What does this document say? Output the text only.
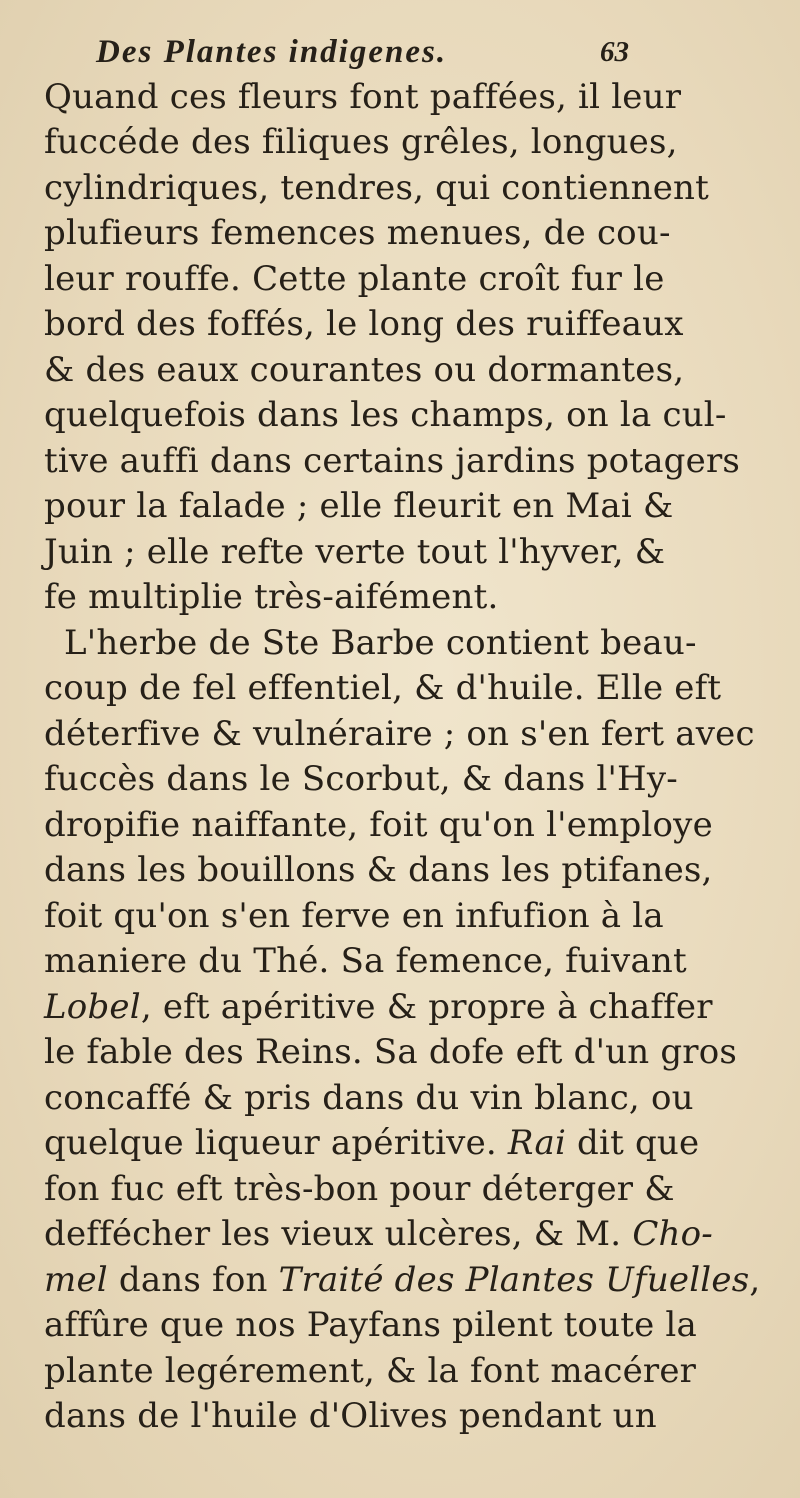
Des Plantes indigenes.	63
Quand ces fleurs font paffées, il leur
fuccéde des filiques grêles, longues,
cylindriques, tendres, qui contiennent
plufieurs femences menues, de cou-
leur rouffe. Cette plante croît fur le
bord des foffés, le long des ruiffeaux
& des eaux courantes ou dormantes,
quelquefois dans les champs, on la cul-
tive auffi dans certains jardins potagers
pour la falade ; elle fleurit en Mai &
Juin ; elle refte verte tout l'hyver, &
fe multiplie très-aifément.
L'herbe de Ste Barbe contient beau-
coup de fel effentiel, & d'huile. Elle eft
déterfive & vulnéraire ; on s'en fert avec
fuccès dans le Scorbut, & dans l'Hy-
dropifie naiffante, foit qu'on l'employe
dans les bouillons & dans les ptifanes,
foit qu'on s'en ferve en infufion à la
maniere du Thé. Sa femence, fuivant
Lobel, eft apéritive & propre à chaffer
le fable des Reins. Sa dofe eft d'un gros
concaffé & pris dans du vin blanc, ou
quelque liqueur apéritive. Rai dit que
fon fuc eft très-bon pour déterger &
deffécher les vieux ulcères, & M. Cho-
mel dans fon Traité des Plantes Ufuelles,
affûre que nos Payfans pilent toute la
plante legérement, & la font macérer
dans de l'huile d'Olives pendant un
